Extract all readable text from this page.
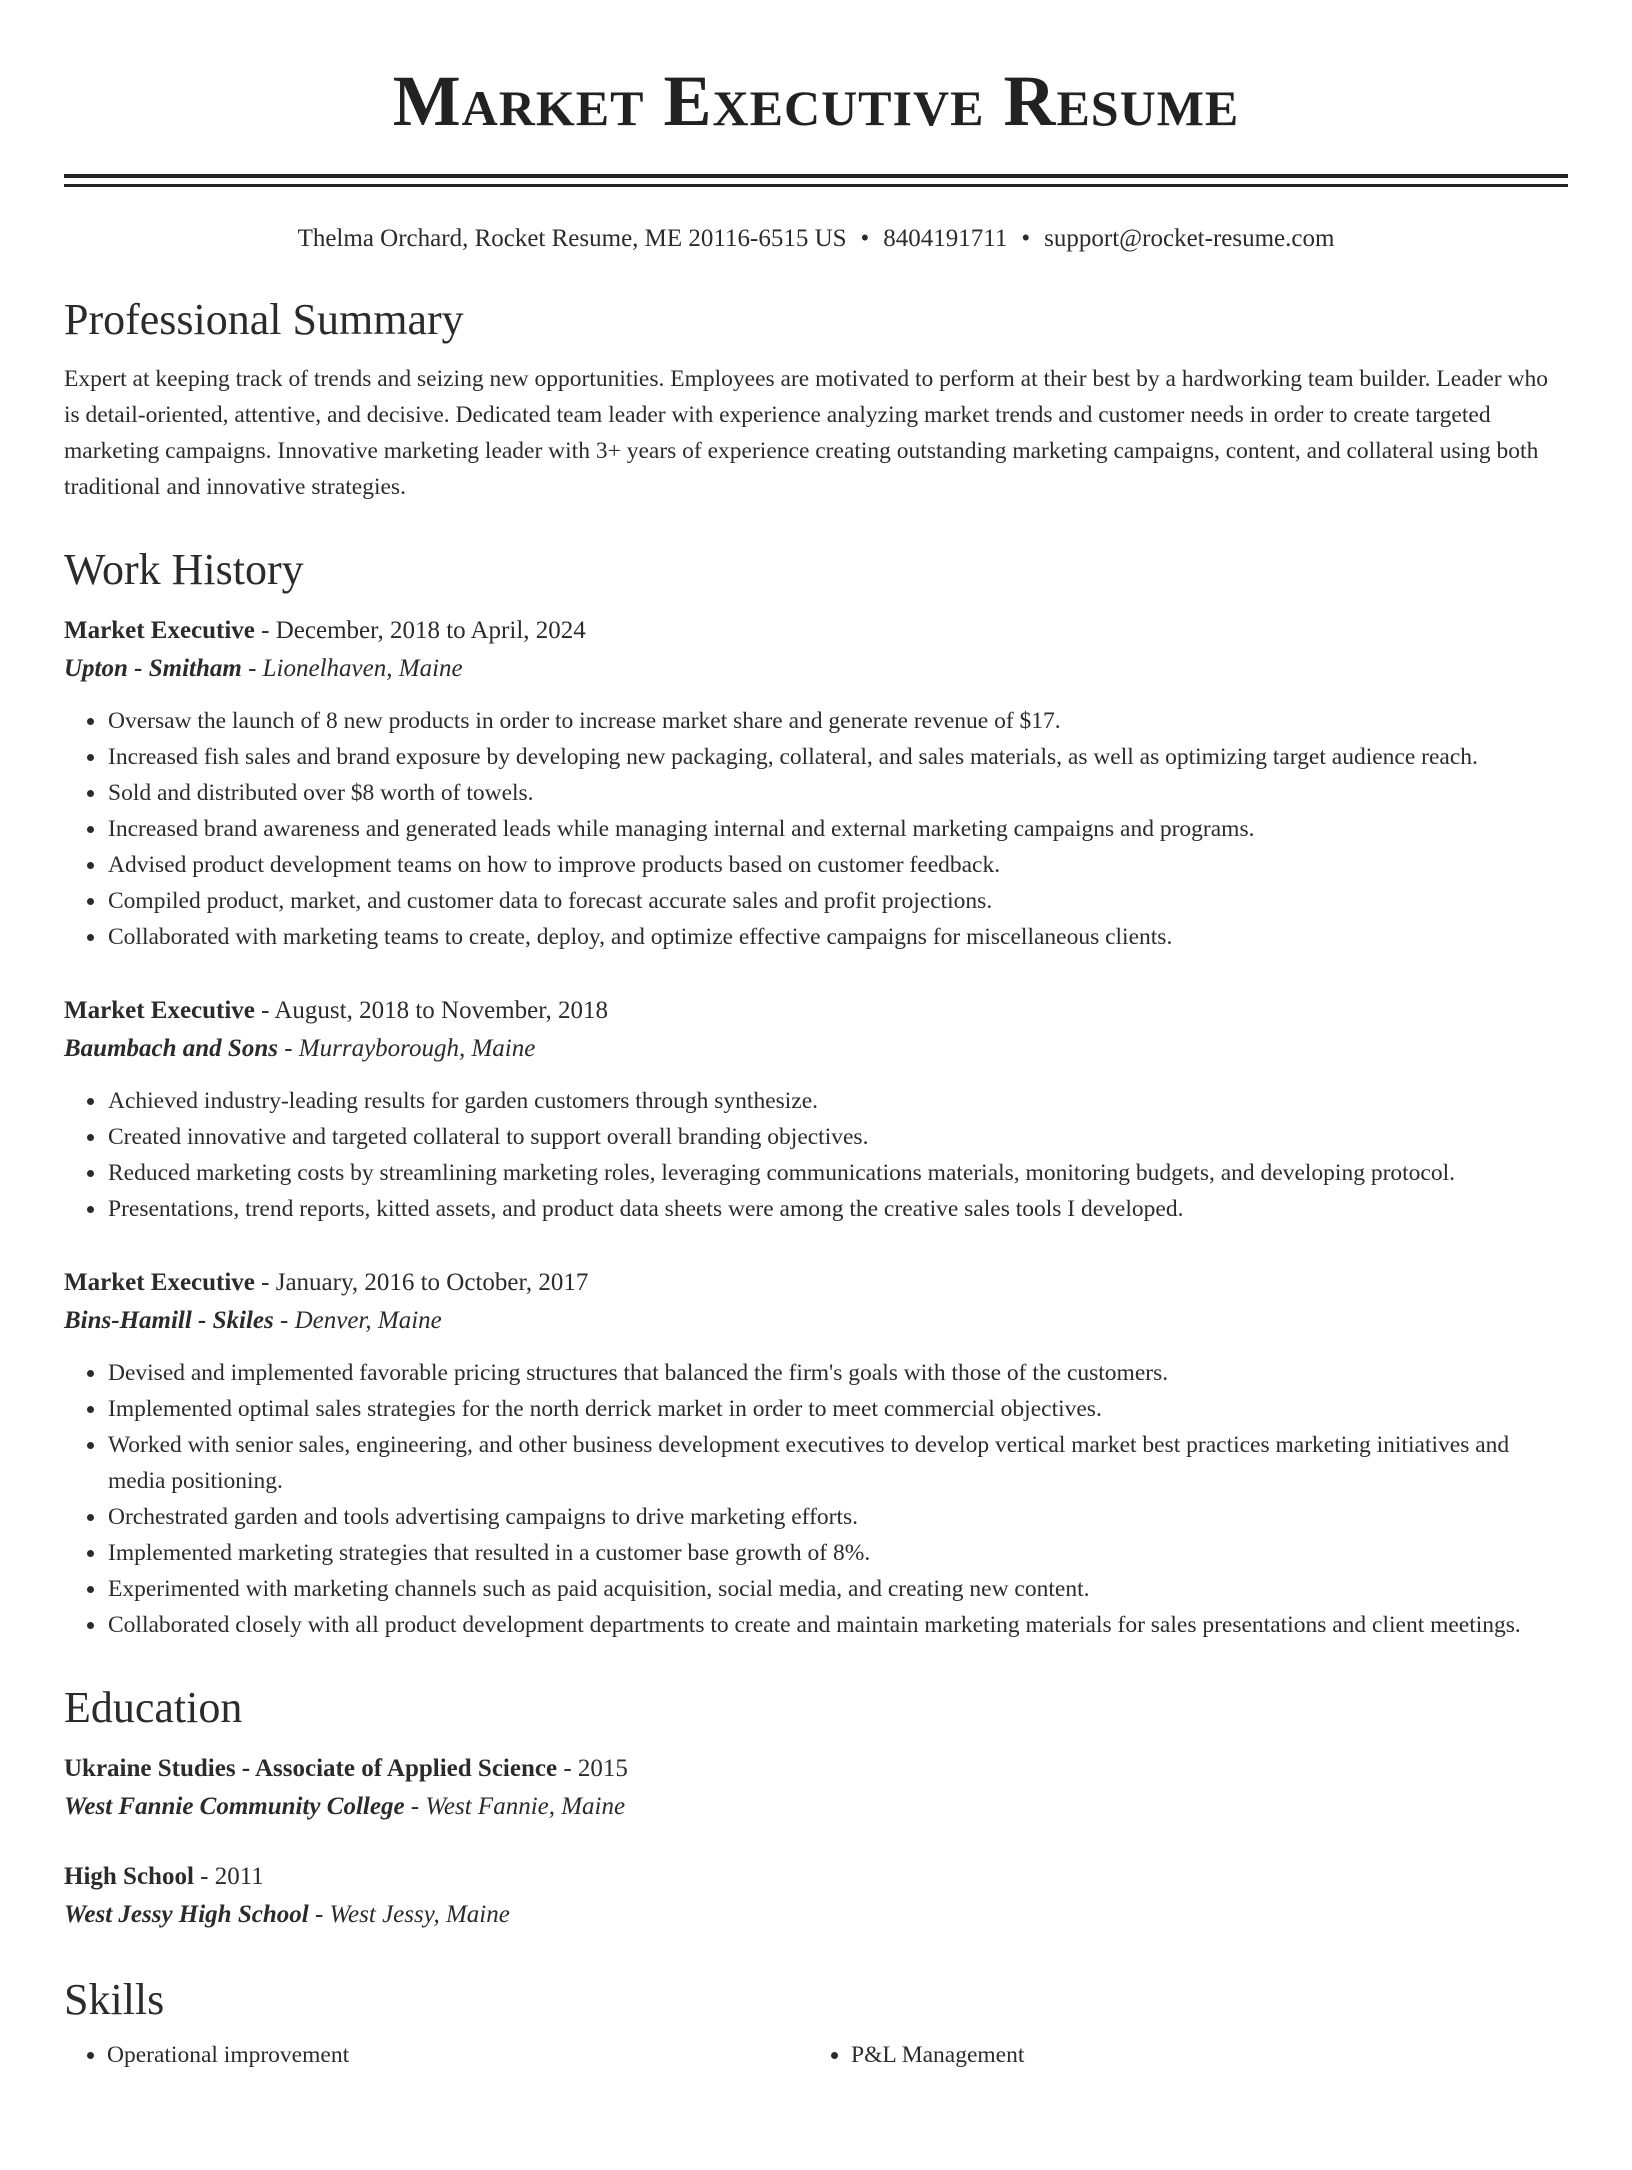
Market Executive Resume
Thelma Orchard, Rocket Resume, ME 20116-6515 US • 8404191711 • support@rocket-resume.com
Professional Summary
Expert at keeping track of trends and seizing new opportunities. Employees are motivated to perform at their best by a hardworking team builder. Leader who is detail-oriented, attentive, and decisive. Dedicated team leader with experience analyzing market trends and customer needs in order to create targeted marketing campaigns. Innovative marketing leader with 3+ years of experience creating outstanding marketing campaigns, content, and collateral using both traditional and innovative strategies.
Work History
Market Executive - December, 2018 to April, 2024
Upton - Smitham - Lionelhaven, Maine
• Oversaw the launch of 8 new products in order to increase market share and generate revenue of $17.
• Increased fish sales and brand exposure by developing new packaging, collateral, and sales materials, as well as optimizing target audience reach.
• Sold and distributed over $8 worth of towels.
• Increased brand awareness and generated leads while managing internal and external marketing campaigns and programs.
• Advised product development teams on how to improve products based on customer feedback.
• Compiled product, market, and customer data to forecast accurate sales and profit projections.
• Collaborated with marketing teams to create, deploy, and optimize effective campaigns for miscellaneous clients.
Market Executive - August, 2018 to November, 2018
Baumbach and Sons - Murrayborough, Maine
• Achieved industry-leading results for garden customers through synthesize.
• Created innovative and targeted collateral to support overall branding objectives.
• Reduced marketing costs by streamlining marketing roles, leveraging communications materials, monitoring budgets, and developing protocol.
• Presentations, trend reports, kitted assets, and product data sheets were among the creative sales tools I developed.
Market Executive - January, 2016 to October, 2017
Bins-Hamill - Skiles - Denver, Maine
• Devised and implemented favorable pricing structures that balanced the firm's goals with those of the customers.
• Implemented optimal sales strategies for the north derrick market in order to meet commercial objectives.
• Worked with senior sales, engineering, and other business development executives to develop vertical market best practices marketing initiatives and media positioning.
• Orchestrated garden and tools advertising campaigns to drive marketing efforts.
• Implemented marketing strategies that resulted in a customer base growth of 8%.
• Experimented with marketing channels such as paid acquisition, social media, and creating new content.
• Collaborated closely with all product development departments to create and maintain marketing materials for sales presentations and client meetings.
Education
Ukraine Studies - Associate of Applied Science - 2015
West Fannie Community College - West Fannie, Maine
High School - 2011
West Jessy High School - West Jessy, Maine
Skills
• Operational improvement
•	P&L Management
